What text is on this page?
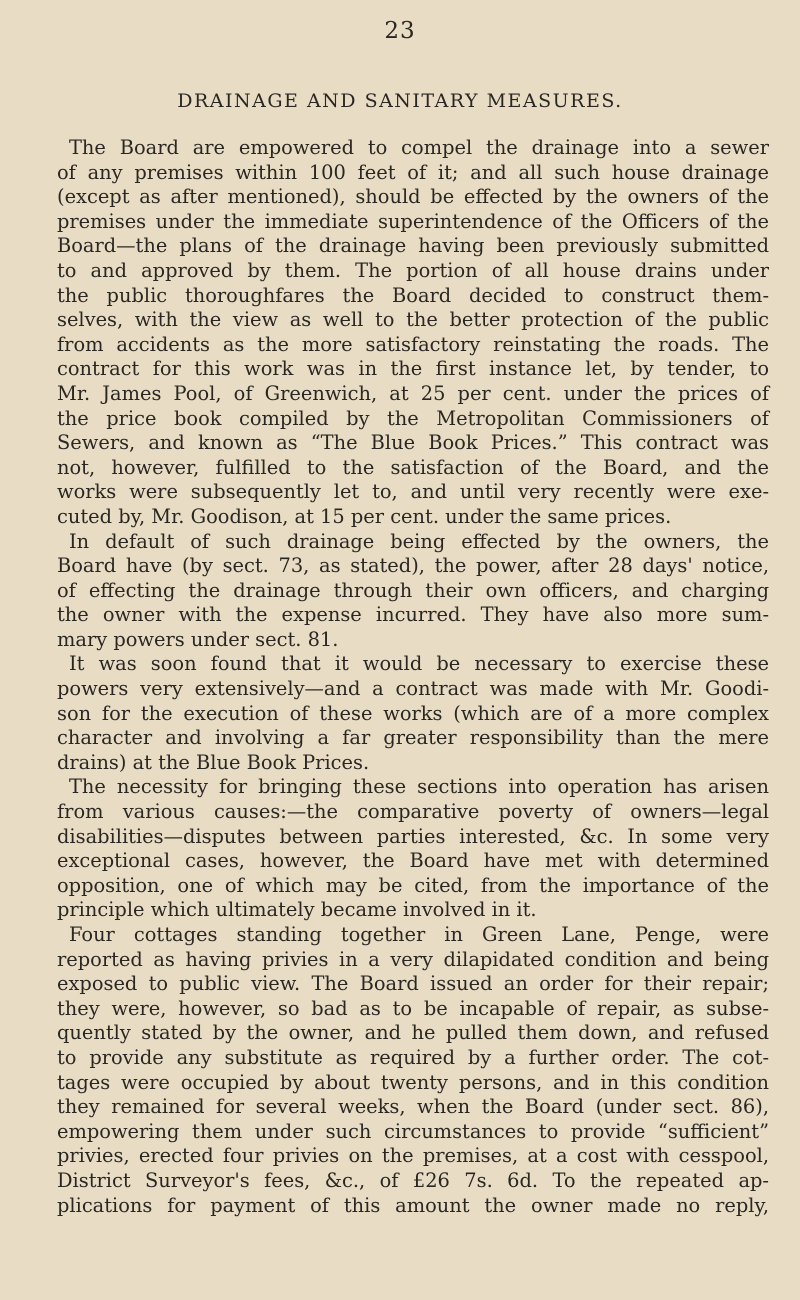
23
DRAINAGE AND SANITARY MEASURES.
The Board are empowered to compel the drainage into a sewer
of any premises within 100 feet of it; and all such house drainage
(except as after mentioned), should be effected by the owners of the
premises under the immediate superintendence of the Officers of the
Board—the plans of the drainage having been previously submitted
to and approved by them. The portion of all house drains under
the public thoroughfares the Board decided to construct them-
selves, with the view as well to the better protection of the public
from accidents as the more satisfactory reinstating the roads. The
contract for this work was in the first instance let, by tender, to
Mr. James Pool, of Greenwich, at 25 per cent. under the prices of
the price book compiled by the Metropolitan Commissioners of
Sewers, and known as “The Blue Book Prices.” This contract was
not, however, fulfilled to the satisfaction of the Board, and the
works were subsequently let to, and until very recently were exe-
cuted by, Mr. Goodison, at 15 per cent. under the same prices.
In default of such drainage being effected by the owners, the
Board have (by sect. 73, as stated), the power, after 28 days' notice,
of effecting the drainage through their own officers, and charging
the owner with the expense incurred. They have also more sum-
mary powers under sect. 81.
It was soon found that it would be necessary to exercise these
powers very extensively—and a contract was made with Mr. Goodi-
son for the execution of these works (which are of a more complex
character and involving a far greater responsibility than the mere
drains) at the Blue Book Prices.
The necessity for bringing these sections into operation has arisen
from various causes:—the comparative poverty of owners—legal
disabilities—disputes between parties interested, &c. In some very
exceptional cases, however, the Board have met with determined
opposition, one of which may be cited, from the importance of the
principle which ultimately became involved in it.
Four cottages standing together in Green Lane, Penge, were
reported as having privies in a very dilapidated condition and being
exposed to public view. The Board issued an order for their repair;
they were, however, so bad as to be incapable of repair, as subse-
quently stated by the owner, and he pulled them down, and refused
to provide any substitute as required by a further order. The cot-
tages were occupied by about twenty persons, and in this condition
they remained for several weeks, when the Board (under sect. 86),
empowering them under such circumstances to provide “sufficient”
privies, erected four privies on the premises, at a cost with cesspool,
District Surveyor's fees, &c., of £26 7s. 6d. To the repeated ap-
plications for payment of this amount the owner made no reply,
